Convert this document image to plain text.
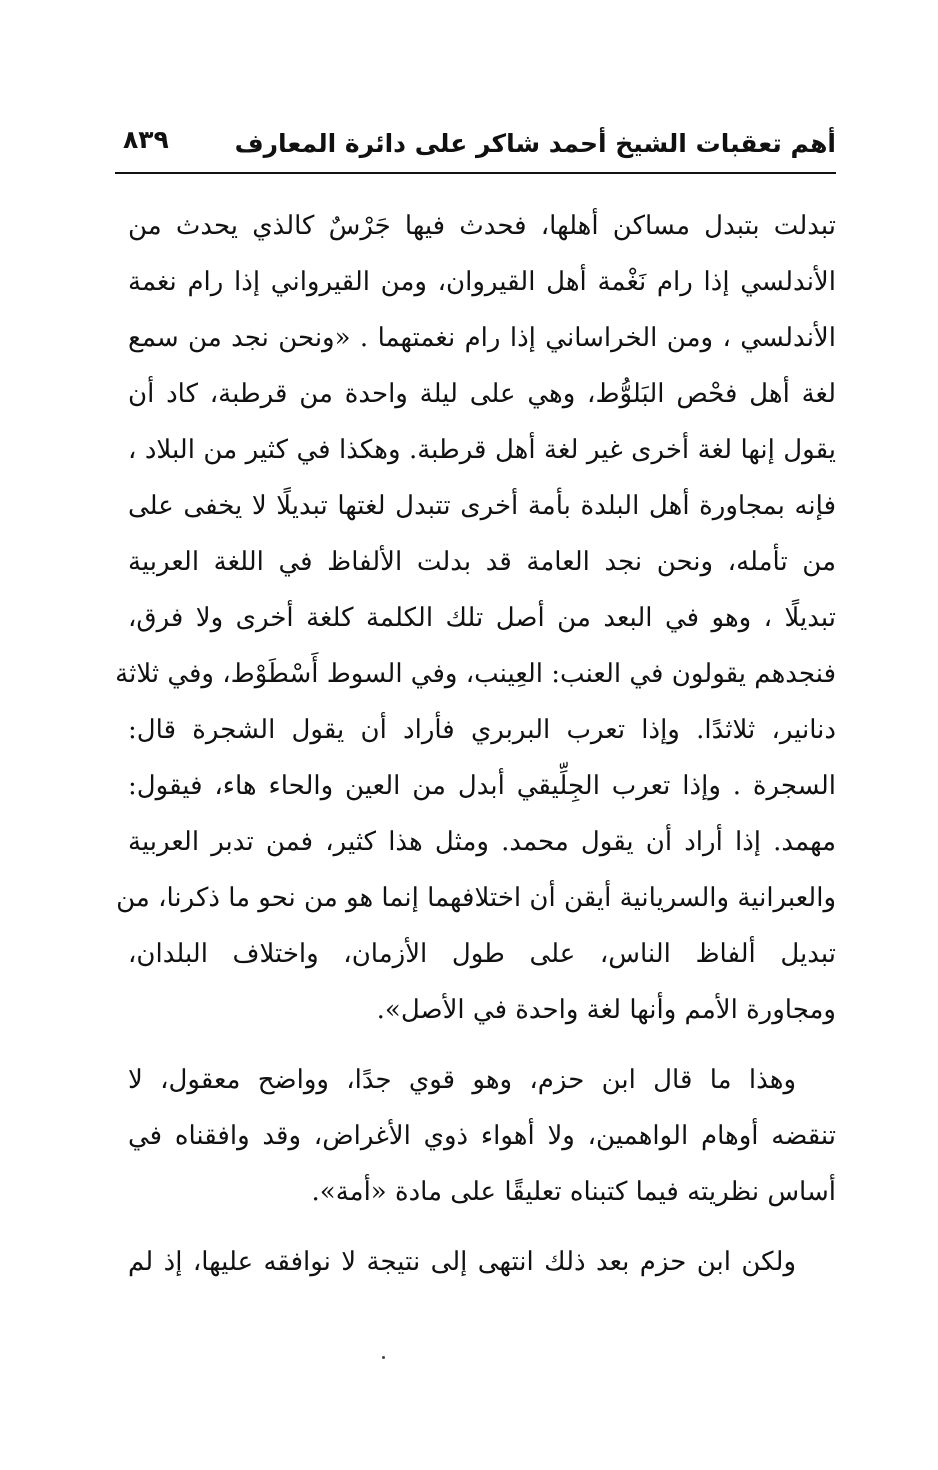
أهم تعقبات الشيخ أحمد شاكر على دائرة المعارف
٨٣٩
تبدلت بتبدل مساكن أهلها، فحدث فيها جَرْسٌ كالذي يحدث من
الأندلسي إذا رام نَغْمة أهل القيروان، ومن القيرواني إذا رام نغمة
الأندلسي ، ومن الخراساني إذا رام نغمتهما . «ونحن نجد من سمع
لغة أهل فحْص البَلوُّط، وهي على ليلة واحدة من قرطبة، كاد أن
يقول إنها لغة أخرى غير لغة أهل قرطبة. وهكذا في كثير من البلاد ،
فإنه بمجاورة أهل البلدة بأمة أخرى تتبدل لغتها تبديلًا لا يخفى على
من تأمله، ونحن نجد العامة قد بدلت الألفاظ في اللغة العربية
تبديلًا ، وهو في البعد من أصل تلك الكلمة كلغة أخرى ولا فرق،
فنجدهم يقولون في العنب: العِينب، وفي السوط أَسْطَوْط، وفي ثلاثة
دنانير، ثلاثدًا. وإذا تعرب البربري فأراد أن يقول الشجرة قال:
السجرة . وإذا تعرب الجِلِّيقي أبدل من العين والحاء هاء، فيقول:
مهمد. إذا أراد أن يقول محمد. ومثل هذا كثير، فمن تدبر العربية
والعبرانية والسريانية أيقن أن اختلافهما إنما هو من نحو ما ذكرنا، من
تبديل ألفاظ الناس، على طول الأزمان، واختلاف البلدان،
ومجاورة الأمم وأنها لغة واحدة في الأصل».
وهذا ما قال ابن حزم، وهو قوي جدًا، وواضح معقول، لا
تنقضه أوهام الواهمين، ولا أهواء ذوي الأغراض، وقد وافقناه في
أساس نظريته فيما كتبناه تعليقًا على مادة «أمة».
ولكن ابن حزم بعد ذلك انتهى إلى نتيجة لا نوافقه عليها، إذ لم
